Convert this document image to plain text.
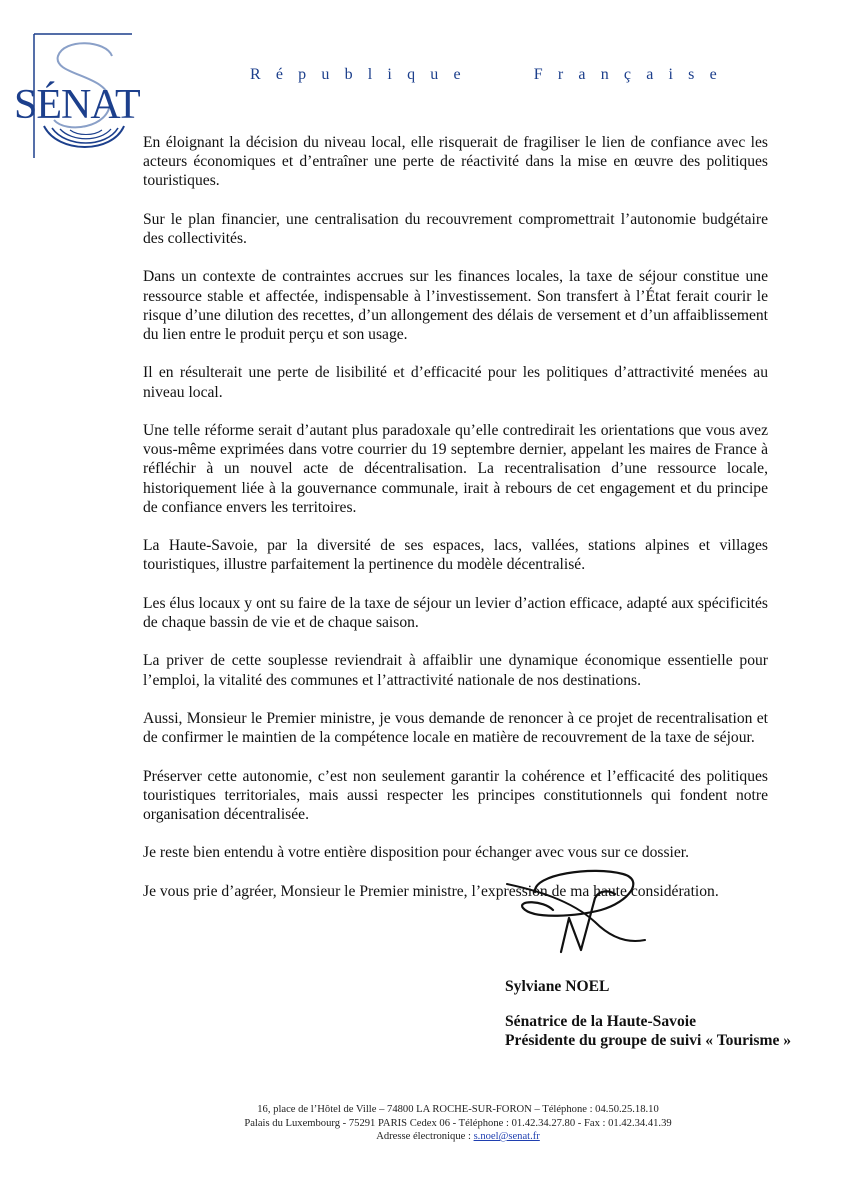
SÉNAT
République	Française

En éloignant la décision du niveau local, elle risquerait de fragiliser le lien de confiance avec les acteurs économiques et d’entraîner une perte de réactivité dans la mise en œuvre des politiques touristiques.

Sur le plan financier, une centralisation du recouvrement compromettrait l’autonomie budgétaire des collectivités.

Dans un contexte de contraintes accrues sur les finances locales, la taxe de séjour constitue une ressource stable et affectée, indispensable à l’investissement. Son transfert à l’État ferait courir le risque d’une dilution des recettes, d’un allongement des délais de versement et d’un affaiblissement du lien entre le produit perçu et son usage.

Il en résulterait une perte de lisibilité et d’efficacité pour les politiques d’attractivité menées au niveau local.

Une telle réforme serait d’autant plus paradoxale qu’elle contredirait les orientations que vous avez vous-même exprimées dans votre courrier du 19 septembre dernier, appelant les maires de France à réfléchir à un nouvel acte de décentralisation. La recentralisation d’une ressource locale, historiquement liée à la gouvernance communale, irait à rebours de cet engagement et du principe de confiance envers les territoires.

La Haute-Savoie, par la diversité de ses espaces, lacs, vallées, stations alpines et villages touristiques, illustre parfaitement la pertinence du modèle décentralisé.

Les élus locaux y ont su faire de la taxe de séjour un levier d’action efficace, adapté aux spécificités de chaque bassin de vie et de chaque saison.

La priver de cette souplesse reviendrait à affaiblir une dynamique économique essentielle pour l’emploi, la vitalité des communes et l’attractivité nationale de nos destinations.

Aussi, Monsieur le Premier ministre, je vous demande de renoncer à ce projet de recentralisation et de confirmer le maintien de la compétence locale en matière de recouvrement de la taxe de séjour.

Préserver cette autonomie, c’est non seulement garantir la cohérence et l’efficacité des politiques touristiques territoriales, mais aussi respecter les principes constitutionnels qui fondent notre organisation décentralisée.

Je reste bien entendu à votre entière disposition pour échanger avec vous sur ce dossier.

Je vous prie d’agréer, Monsieur le Premier ministre, l’expression de ma haute considération.

Sylviane NOEL
Sénatrice de la Haute-Savoie
Présidente du groupe de suivi « Tourisme »
16, place de l’Hôtel de Ville – 74800 LA ROCHE-SUR-FORON – Téléphone : 04.50.25.18.10
Palais du Luxembourg - 75291 PARIS Cedex 06 - Téléphone : 01.42.34.27.80 - Fax : 01.42.34.41.39
Adresse électronique : s.noel@senat.fr
